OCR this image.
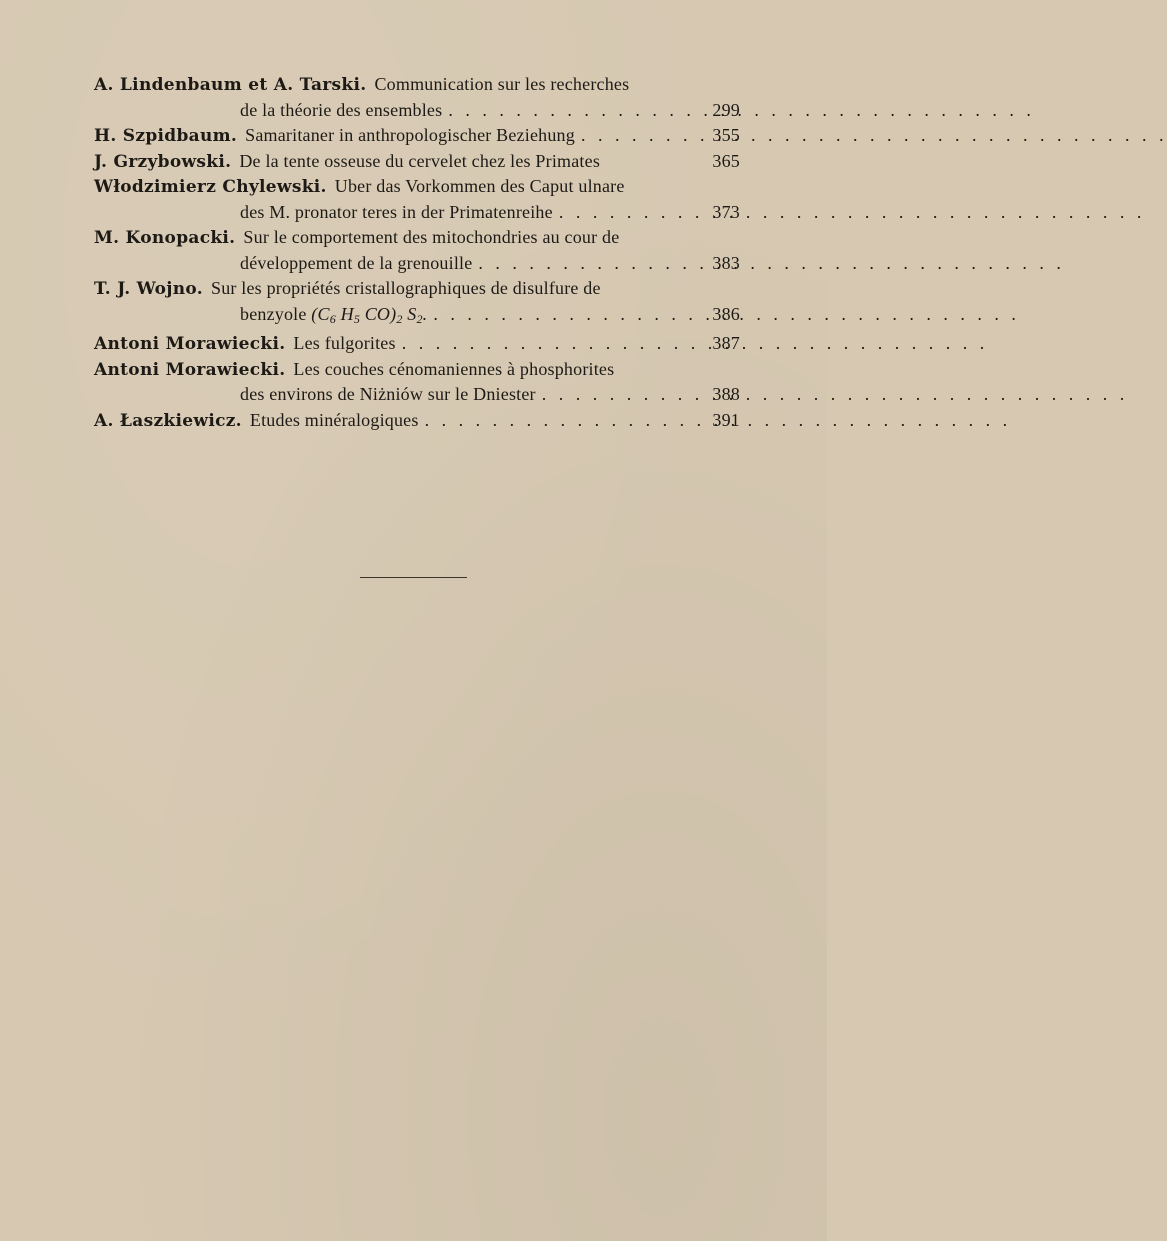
A. Lindenbaum et A. Tarski. Communication sur les recherches
de la théorie des ensembles . . .	299
H. Szpidbaum. Samaritaner in anthropologischer Beziehung . . .	355
J. Grzybowski. De la tente osseuse du cervelet chez les Primates	365
Włodzimierz Chylewski. Uber das Vorkommen des Caput ulnare
des M. pronator teres in der Primatenreihe . . .	373
M. Konopacki. Sur le comportement des mitochondries au cour de
développement de la grenouille . . .	383
T. J. Wojno. Sur les propriétés cristallographiques de disulfure de
benzyole ($C_6$ $H_5$ $CO)_2$ $S_2$. . . .	386
Antoni Morawiecki. Les fulgorites . . .	387
Antoni Morawiecki. Les couches cénomaniennes à phosphorites
des environs de Niżniów sur le Dniester . . .	388
A. Łaszkiewicz. Etudes minéralogiques . . .	391
